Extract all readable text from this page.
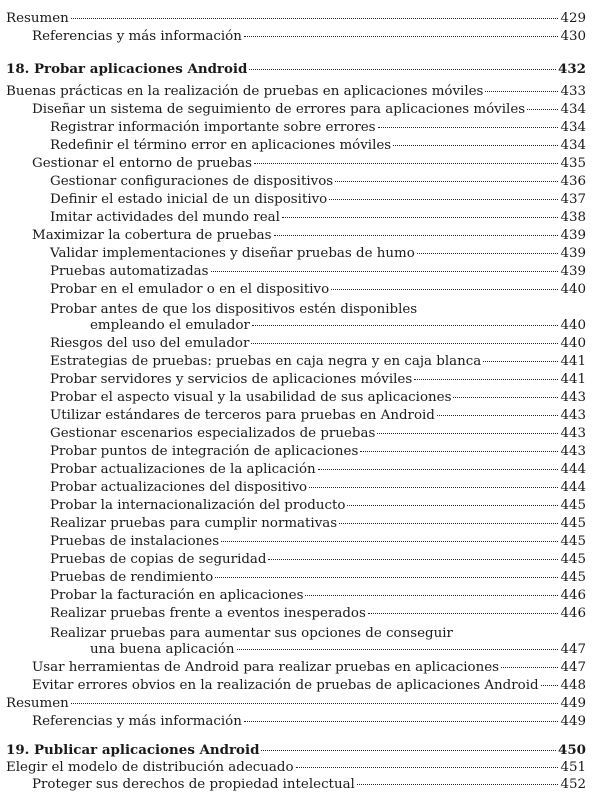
Resumen	429
Referencias y más información	430
18. Probar aplicaciones Android	432
Buenas prácticas en la realización de pruebas en aplicaciones móviles	433
Diseñar un sistema de seguimiento de errores para aplicaciones móviles	434
Registrar información importante sobre errores	434
Redefinir el término error en aplicaciones móviles	434
Gestionar el entorno de pruebas	435
Gestionar configuraciones de dispositivos	436
Definir el estado inicial de un dispositivo	437
Imitar actividades del mundo real	438
Maximizar la cobertura de pruebas	439
Validar implementaciones y diseñar pruebas de humo	439
Pruebas automatizadas	439
Probar en el emulador o en el dispositivo	440
Probar antes de que los dispositivos estén disponibles
empleando el emulador	440
Riesgos del uso del emulador	440
Estrategias de pruebas: pruebas en caja negra y en caja blanca	441
Probar servidores y servicios de aplicaciones móviles	441
Probar el aspecto visual y la usabilidad de sus aplicaciones	443
Utilizar estándares de terceros para pruebas en Android	443
Gestionar escenarios especializados de pruebas	443
Probar puntos de integración de aplicaciones	443
Probar actualizaciones de la aplicación	444
Probar actualizaciones del dispositivo	444
Probar la internacionalización del producto	445
Realizar pruebas para cumplir normativas	445
Pruebas de instalaciones	445
Pruebas de copias de seguridad	445
Pruebas de rendimiento	445
Probar la facturación en aplicaciones	446
Realizar pruebas frente a eventos inesperados	446
Realizar pruebas para aumentar sus opciones de conseguir
una buena aplicación	447
Usar herramientas de Android para realizar pruebas en aplicaciones	447
Evitar errores obvios en la realización de pruebas de aplicaciones Android 448
Resumen	449
Referencias y más información	449
19. Publicar aplicaciones Android	450
Elegir el modelo de distribución adecuado	451
Proteger sus derechos de propiedad intelectual	452
